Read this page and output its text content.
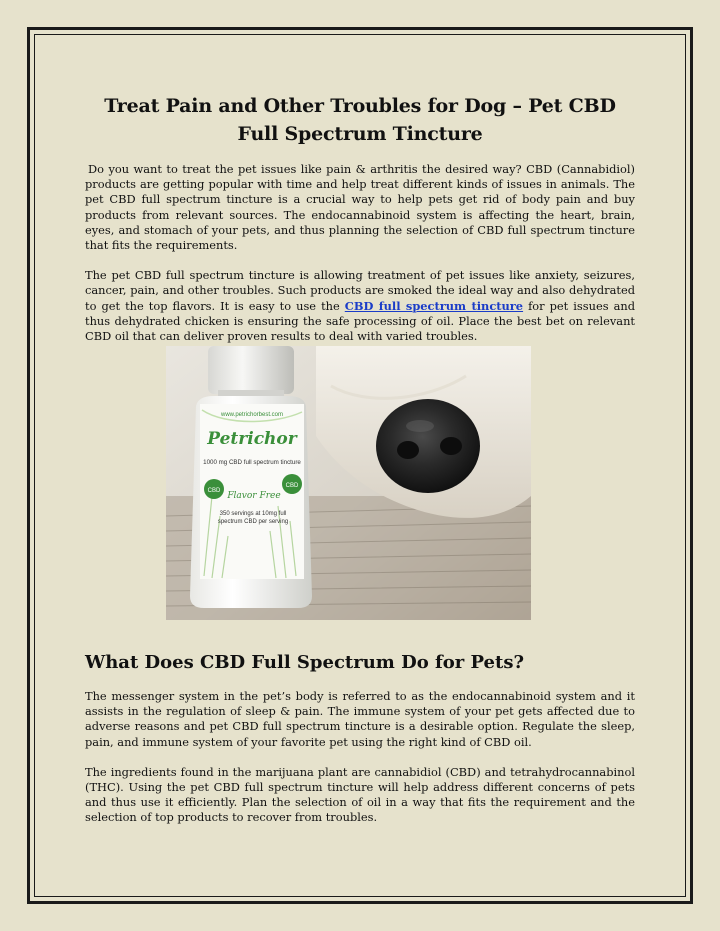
Treat Pain and Other Troubles for Dog – Pet CBD Full Spectrum Tincture

Do you want to treat the pet issues like pain & arthritis the desired way? CBD (Cannabidiol) products are getting popular with time and help treat different kinds of issues in animals. The pet CBD full spectrum tincture is a crucial way to help pets get rid of body pain and buy products from relevant sources. The endocannabinoid system is affecting the heart, brain, eyes, and stomach of your pets, and thus planning the selection of CBD full spectrum tincture that fits the requirements.

The pet CBD full spectrum tincture is allowing treatment of pet issues like anxiety, seizures, cancer, pain, and other troubles. Such products are smoked the ideal way and also dehydrated to get the top flavors. It is easy to use the CBD full spectrum tincture for pet issues and thus dehydrated chicken is ensuring the safe processing of oil. Place the best bet on relevant CBD oil that can deliver proven results to deal with varied troubles.

www.petrichorbest.com
Petrichor
1000 mg CBD full spectrum tincture
CBD
CBD
Flavor Free
350 servings at 10mg full spectrum CBD per serving
What Does CBD Full Spectrum Do for Pets?

The messenger system in the pet’s body is referred to as the endocannabinoid system and it assists in the regulation of sleep & pain. The immune system of your pet gets affected due to adverse reasons and pet CBD full spectrum tincture is a desirable option. Regulate the sleep, pain, and immune system of your favorite pet using the right kind of CBD oil.

The ingredients found in the marijuana plant are cannabidiol (CBD) and tetrahydrocannabinol (THC). Using the pet CBD full spectrum tincture will help address different concerns of pets and thus use it efficiently. Plan the selection of oil in a way that fits the requirement and the selection of top products to recover from troubles.
